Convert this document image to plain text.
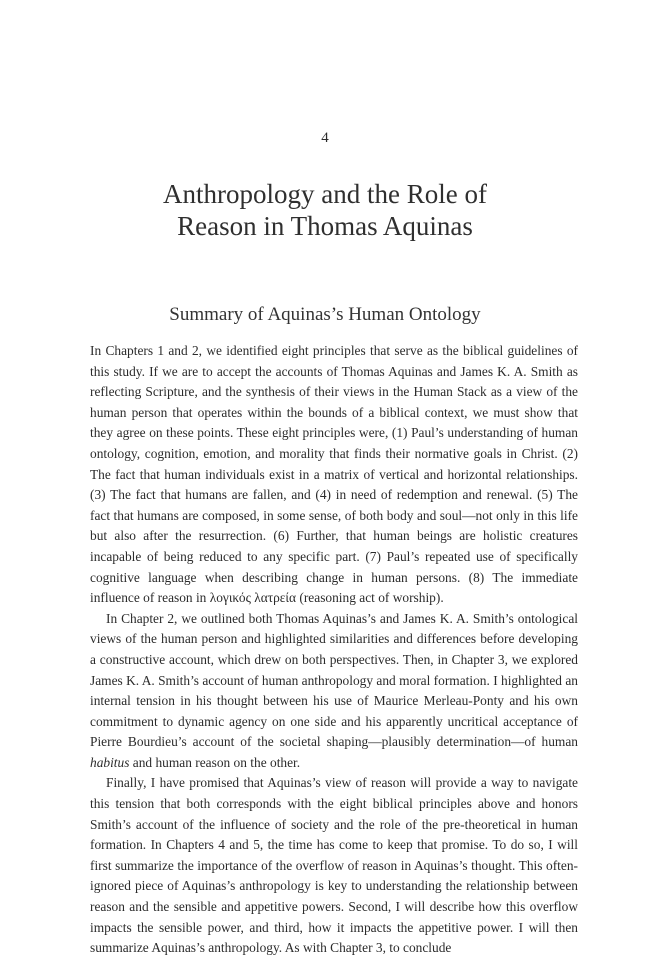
4
Anthropology and the Role of
Reason in Thomas Aquinas
Summary of Aquinas’s Human Ontology

In Chapters 1 and 2, we identified eight principles that serve as the biblical guidelines of this study. If we are to accept the accounts of Thomas Aquinas and James K. A. Smith as reflecting Scripture, and the synthesis of their views in the Human Stack as a view of the human person that operates within the bounds of a biblical context, we must show that they agree on these points. These eight principles were, (1) Paul’s understanding of human ontology, cognition, emotion, and morality that finds their normative goals in Christ. (2) The fact that human individuals exist in a matrix of vertical and horizontal relationships. (3) The fact that humans are fallen, and (4) in need of redemption and renewal. (5) The fact that humans are composed, in some sense, of both body and soul—not only in this life but also after the resurrection. (6) Further, that human beings are holistic creatures incapable of being reduced to any specific part. (7) Paul’s repeated use of specifically cognitive language when describing change in human persons. (8) The immediate influence of reason in λογικός λατρεία (reasoning act of worship).

In Chapter 2, we outlined both Thomas Aquinas’s and James K. A. Smith’s ontological views of the human person and highlighted similarities and differences before developing a constructive account, which drew on both perspectives. Then, in Chapter 3, we explored James K. A. Smith’s account of human anthropology and moral formation. I highlighted an internal tension in his thought between his use of Maurice Merleau-Ponty and his own commitment to dynamic agency on one side and his apparently uncritical acceptance of Pierre Bourdieu’s account of the societal shaping—plausibly determination—of human habitus and human reason on the other.

Finally, I have promised that Aquinas’s view of reason will provide a way to navigate this tension that both corresponds with the eight biblical principles above and honors Smith’s account of the influence of society and the role of the pre-theoretical in human formation. In Chapters 4 and 5, the time has come to keep that promise. To do so, I will first summarize the importance of the overflow of reason in Aquinas’s thought. This often-ignored piece of Aquinas’s anthropology is key to understanding the relationship between reason and the sensible and appetitive powers. Second, I will describe how this overflow impacts the sensible power, and third, how it impacts the appetitive power. I will then summarize Aquinas’s anthropology. As with Chapter 3, to conclude
